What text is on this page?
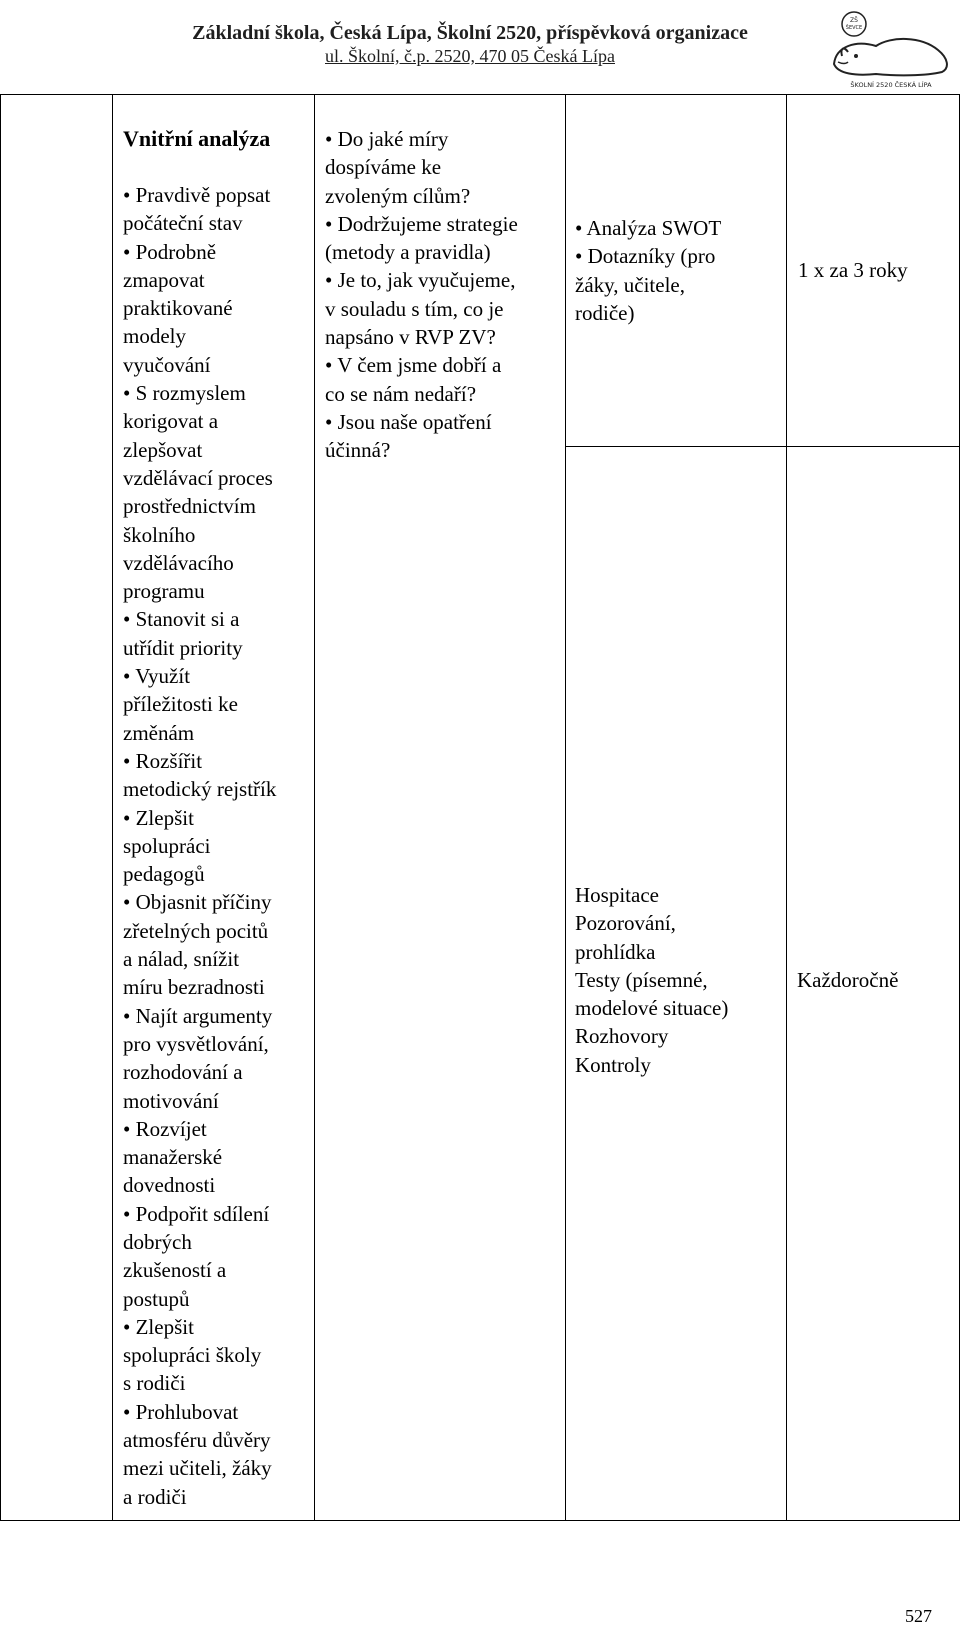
Základní škola, Česká Lípa, Školní 2520, příspěvková organizace
ul. Školní, č.p. 2520, 470 05 Česká Lípa
ZŠ
ŠEVCE
ŠKOLNÍ 2520 ČESKÁ LÍPA
Vnitřní analýza
• Pravdivě popsat
počáteční stav
• Podrobně
zmapovat
praktikované
modely
vyučování
• S rozmyslem
korigovat a
zlepšovat
vzdělávací proces
prostřednictvím
školního
vzdělávacího
programu
• Stanovit si a
utřídit priority
• Využít
příležitosti ke
změnám
• Rozšířit
metodický rejstřík
• Zlepšit
spolupráci
pedagogů
• Objasnit příčiny
zřetelných pocitů
a nálad, snížit
míru bezradnosti
• Najít argumenty
pro vysvětlování,
rozhodování a
motivování
• Rozvíjet
manažerské
dovednosti
• Podpořit sdílení
dobrých
zkušeností a
postupů
• Zlepšit
spolupráci školy
s rodiči
• Prohlubovat
atmosféru důvěry
mezi učiteli, žáky
a rodiči
• Do jaké míry
dospíváme ke
zvoleným cílům?
• Dodržujeme strategie
(metody a pravidla)
• Je to, jak vyučujeme,
v souladu s tím, co je
napsáno v RVP ZV?
• V čem jsme dobří a
co se nám nedaří?
• Jsou naše opatření
účinná?
• Analýza SWOT
• Dotazníky (pro
žáky, učitele,
rodiče)
1 x za 3 roky
Hospitace
Pozorování,
prohlídka
Testy (písemné,
modelové situace)
Rozhovory
Kontroly
Každoročně
527
